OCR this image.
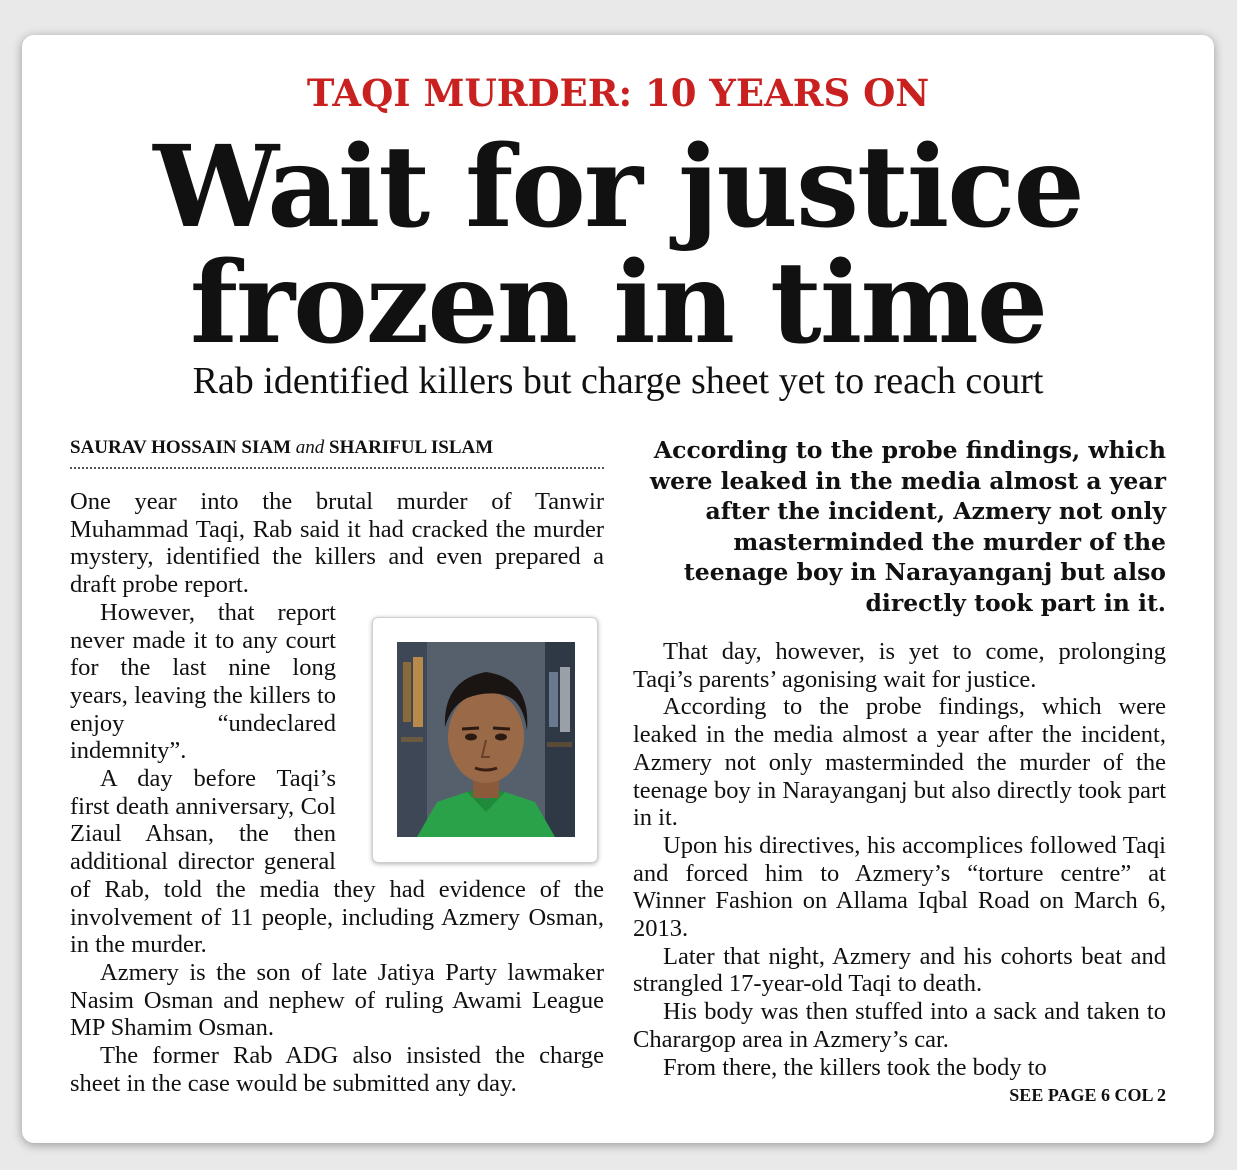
TAQI MURDER: 10 YEARS ON
Wait for justice
frozen in time
Rab identified killers but charge sheet yet to reach court
SAURAV HOSSAIN SIAM and SHARIFUL ISLAM

One year into the brutal murder of Tanwir Muhammad Taqi, Rab said it had cracked the murder mystery, identified the killers and even prepared a draft probe report.

However, that report never made it to any court for the last nine long years, leaving the killers to enjoy “undeclared indemnity”.

A day before Taqi’s first death anniversary, Col Ziaul Ahsan, the then additional director general of Rab, told the media they had evidence of the involvement of 11 people, including Azmery Osman, in the murder.

Azmery is the son of late Jatiya Party lawmaker Nasim Osman and nephew of ruling Awami League MP Shamim Osman.

The former Rab ADG also insisted the charge sheet in the case would be submitted any day.

According to the probe findings, which were leaked in the media almost a year after the incident, Azmery not only masterminded the murder of the teenage boy in Narayanganj but also directly took part in it.

That day, however, is yet to come, prolonging Taqi’s parents’ agonising wait for justice.

According to the probe findings, which were leaked in the media almost a year after the incident, Azmery not only masterminded the murder of the teenage boy in Narayanganj but also directly took part in it.

Upon his directives, his accomplices followed Taqi and forced him to Azmery’s “torture centre” at Winner Fashion on Allama Iqbal Road on March 6, 2013.

Later that night, Azmery and his cohorts beat and strangled 17-year-old Taqi to death.

His body was then stuffed into a sack and taken to Charargop area in Azmery’s car.

From there, the killers took the body to

SEE PAGE 6 COL 2
